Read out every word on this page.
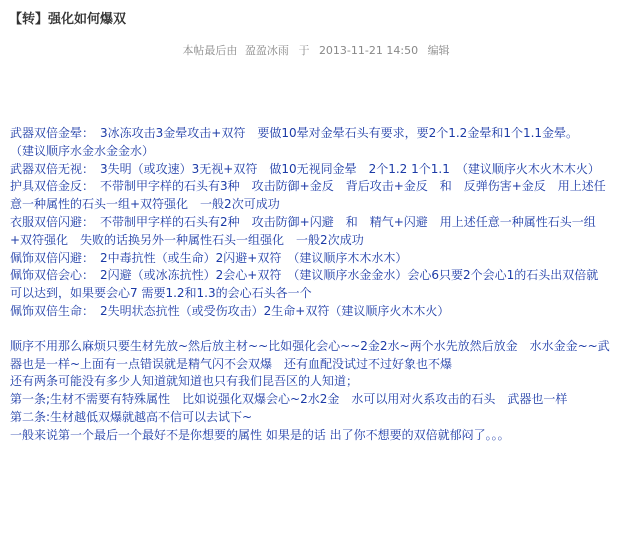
【转】强化如何爆双
本帖最后由 盈盈冰雨 于 2013-11-21 14:50 编辑
武器双倍金晕：　3冰冻攻击3金晕攻击+双符　要做10晕对金晕石头有要求，要2个1.2金晕和1个1.1金晕。　　（建议顺序水金水金金水）
武器双倍无视：　3失明（或攻速）3无视+双符　做10无视同金晕　2个1.2 1个1.1　（建议顺序火木火木木火）
护具双倍金反：　不带制甲字样的石头有3种　攻击防御+金反　背后攻击+金反　和　反弹伤害+金反　用上述任意一种属性的石头一组+双符强化　一般2次可成功
衣服双倍闪避：　不带制甲字样的石头有2种　攻击防御+闪避　和　精气+闪避　用上述任意一种属性石头一组+双符强化　失败的话换另外一种属性石头一组强化　一般2次成功
佩饰双倍闪避：　2中毒抗性（或生命）2闪避+双符　（建议顺序木木水木）
佩饰双倍会心：　2闪避（或冰冻抗性）2会心+双符　（建议顺序水金金水）会心6只要2个会心1的石头出双倍就可以达到，如果要会心7 需要1.2和1.3的会心石头各一个
佩饰双倍生命：　2失明状态抗性（或受伤攻击）2生命+双符（建议顺序火木木火）
顺序不用那么麻烦只要生材先放~然后放主材~~比如强化会心~~2金2水~两个水先放然后放金　水水金金~~武器也是一样~上面有一点错误就是精气闪不会双爆　还有血配没试过不过好象也不爆
还有两条可能没有多少人知道就知道也只有我们昆吾区的人知道；
第一条;生材不需要有特殊属性　比如说强化双爆会心~2水2金　水可以用对火系攻击的石头　武器也一样
第二条:生材越低双爆就越高不信可以去试下~
一般来说第一个最后一个最好不是你想要的属性 如果是的话 出了你不想要的双倍就郁闷了。。。
